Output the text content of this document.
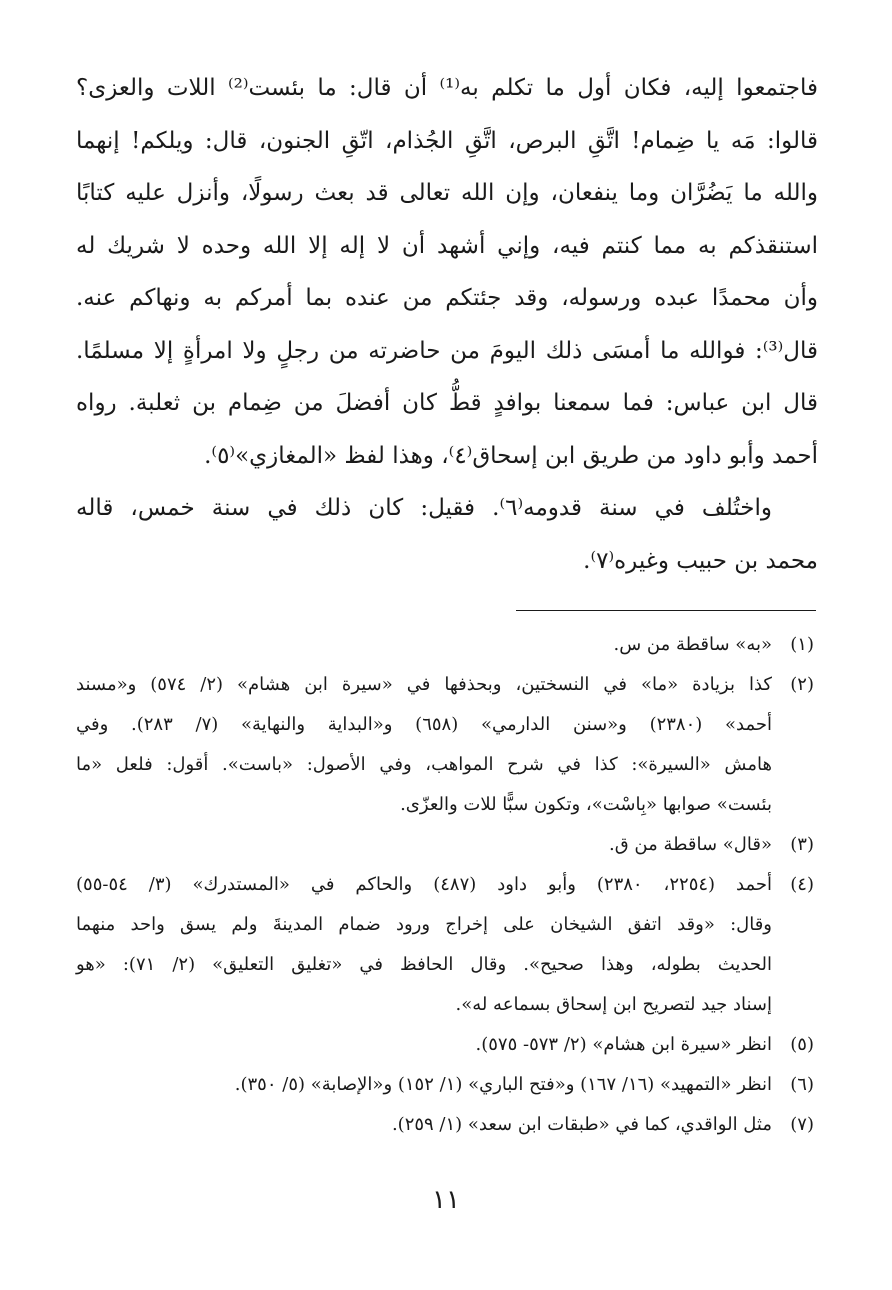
فاجتمعوا إليه، فكان أول ما تكلم به⁽¹⁾ أن قال: ما بئست⁽²⁾ اللات والعزى؟
قالوا: مَه يا ضِمام! اتَّقِ البرص، اتَّقِ الجُذام، اتّقِ الجنون، قال: ويلكم! إنهما
والله ما يَضُرَّان وما ينفعان، وإن الله تعالى قد بعث رسولًا، وأنزل عليه كتابًا
استنقذكم به مما كنتم فيه، وإني أشهد أن لا إله إلا الله وحده لا شريك له
وأن محمدًا عبده ورسوله، وقد جئتكم من عنده بما أمركم به ونهاكم عنه.
قال⁽³⁾: فوالله ما أمسَى ذلك اليومَ من حاضرته من رجلٍ ولا امرأةٍ إلا مسلمًا.
قال ابن عباس: فما سمعنا بوافدٍ قطُّ كان أفضلَ من ضِمام بن ثعلبة. رواه
أحمد وأبو داود من طريق ابن إسحاق⁽٤⁾، وهذا لفظ «المغازي»⁽٥⁾.
واختُلف في سنة قدومه⁽٦⁾. فقيل: كان ذلك في سنة خمس، قاله
محمد بن حبيب وغيره⁽٧⁾.
(١)
«به» ساقطة من س.
(٢)
كذا بزيادة «ما» في النسختين، وبحذفها في «سيرة ابن هشام» (٢/ ٥٧٤) و«مسند
أحمد» (٢٣٨٠) و«سنن الدارمي» (٦٥٨) و«البداية والنهاية» (٧/ ٢٨٣). وفي
هامش «السيرة»: كذا في شرح المواهب، وفي الأصول: «باست». أقول: فلعل «ما
بئست» صوابها «بِاسْت»، وتكون سبًّا للات والعزّى.
(٣)
«قال» ساقطة من ق.
(٤)
أحمد (٢٢٥٤، ٢٣٨٠) وأبو داود (٤٨٧) والحاكم في «المستدرك» (٣/ ٥٤-٥٥)
وقال: «وقد اتفق الشيخان على إخراج ورود ضمام المدينةَ ولم يسق واحد منهما
الحديث بطوله، وهذا صحيح». وقال الحافظ في «تغليق التعليق» (٢/ ٧١): «هو
إسناد جيد لتصريح ابن إسحاق بسماعه له».
(٥)
انظر «سيرة ابن هشام» (٢/ ٥٧٣- ٥٧٥).
(٦)
انظر «التمهيد» (١٦/ ١٦٧) و«فتح الباري» (١/ ١٥٢) و«الإصابة» (٥/ ٣٥٠).
(٧)
مثل الواقدي، كما في «طبقات ابن سعد» (١/ ٢٥٩).
١١
